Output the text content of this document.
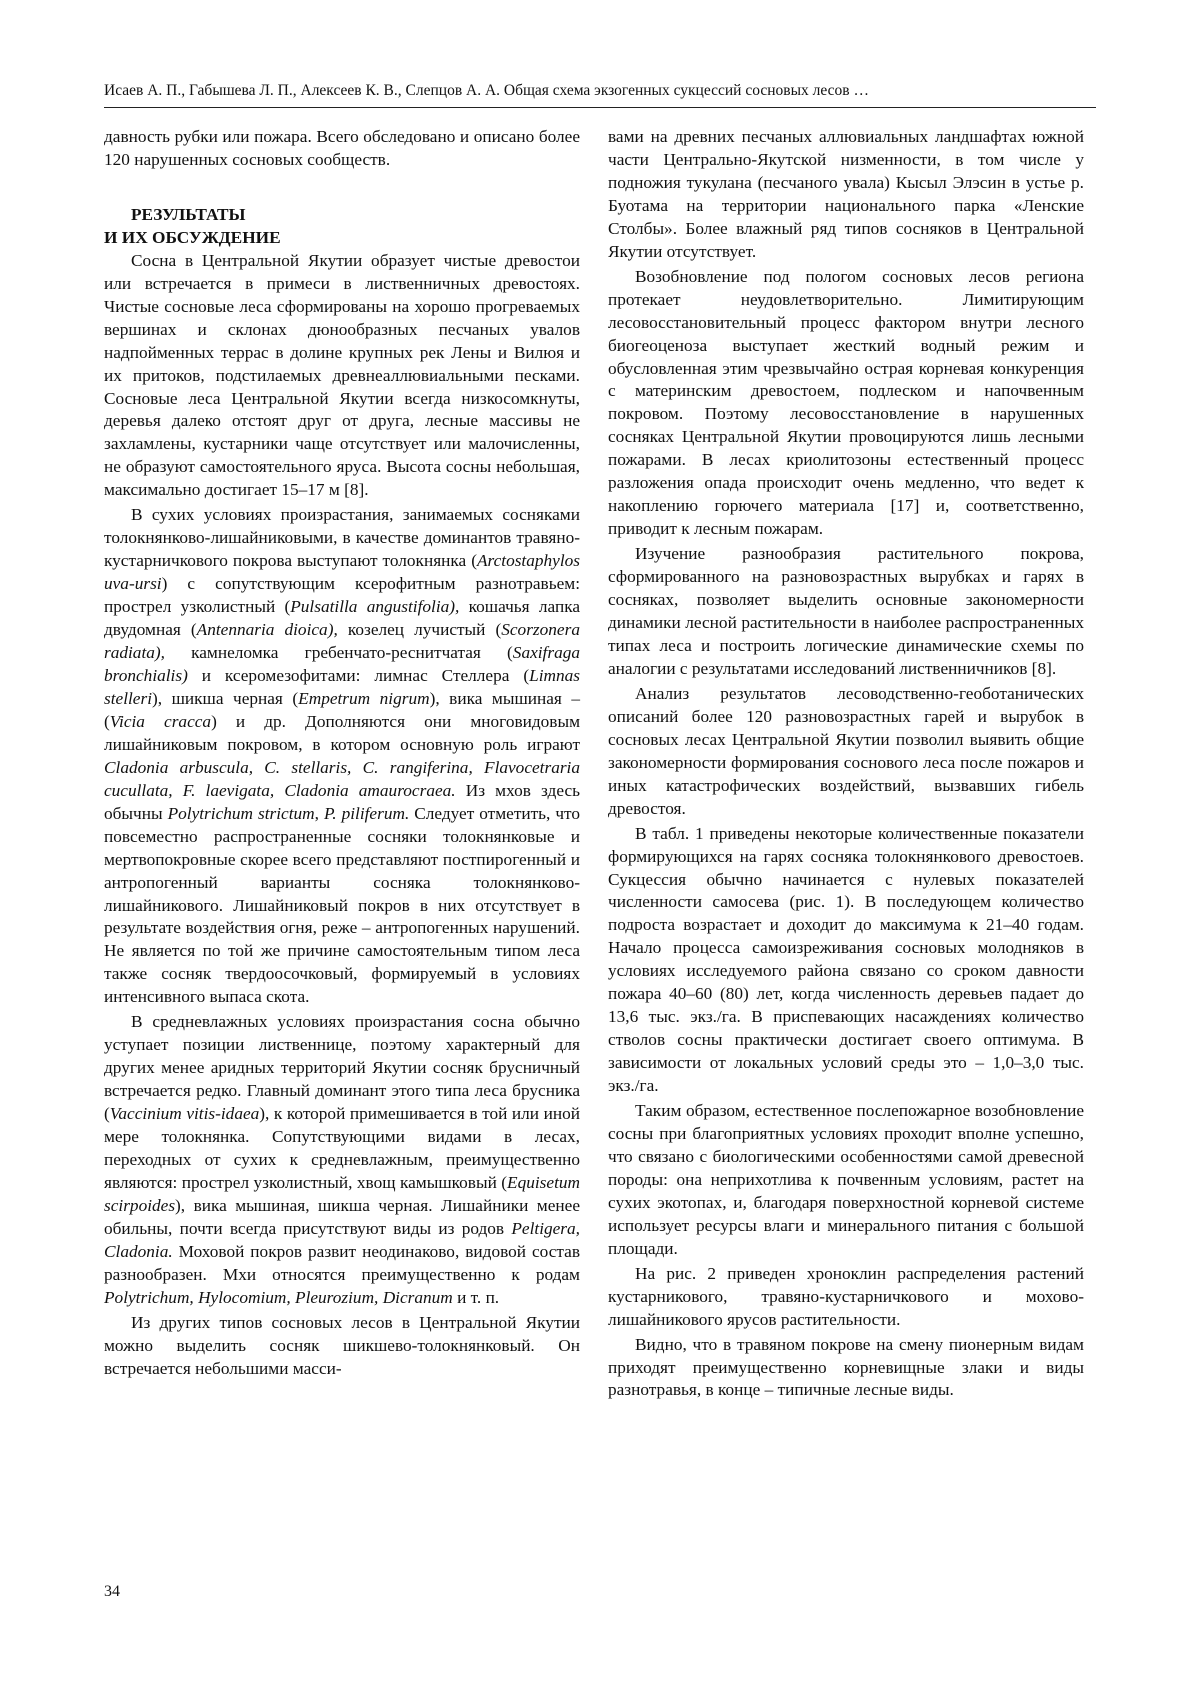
Исаев А. П., Габышева Л. П., Алексеев К. В., Слепцов А. А. Общая схема экзогенных сукцессий сосновых лесов …

давность рубки или пожара. Всего обследовано и описано более 120 нарушенных сосновых сообществ.

РЕЗУЛЬТАТЫ
И ИХ ОБСУЖДЕНИЕ

Сосна в Центральной Якутии образует чистые древостои или встречается в примеси в лиственничных древостоях. Чистые сосновые леса сформированы на хорошо прогреваемых вершинах и склонах дюнообразных песчаных увалов надпойменных террас в долине крупных рек Лены и Вилюя и их притоков, подстилаемых древнеаллювиальными песками. Сосновые леса Центральной Якутии всегда низкосомкнуты, деревья далеко отстоят друг от друга, лесные массивы не захламлены, кустарники чаще отсутствует или малочисленны, не образуют самостоятельного яруса. Высота сосны небольшая, максимально достигает 15–17 м [8].

В сухих условиях произрастания, занимаемых сосняками толокнянково-лишайниковыми, в качестве доминантов травяно-кустарничкового покрова выступают толокнянка (Arctostaphylos uva-ursi) с сопутствующим ксерофитным разнотравьем: прострел узколистный (Pulsatilla angustifolia), кошачья лапка двудомная (Antennaria dioica), козелец лучистый (Scorzonera radiata), камнеломка гребенчато-реснитчатая (Saxifraga bronchialis) и ксеромезофитами: лимнас Стеллера (Limnas stelleri), шикша черная (Empetrum nigrum), вика мышиная – (Vicia cracca) и др. Дополняются они многовидовым лишайниковым покровом, в котором основную роль играют Cladonia arbuscula, C. stellaris, C. rangiferina, Flavocetraria cucullata, F. laevigata, Cladonia amaurocraea. Из мхов здесь обычны Polytrichum strictum, P. piliferum. Следует отметить, что повсеместно распространенные сосняки толокнянковые и мертвопокровные скорее всего представляют постпирогенный и антропогенный варианты сосняка толокнянково-лишайникового. Лишайниковый покров в них отсутствует в результате воздействия огня, реже – антропогенных нарушений. Не является по той же причине самостоятельным типом леса также сосняк твердоосочковый, формируемый в условиях интенсивного выпаса скота.

В средневлажных условиях произрастания сосна обычно уступает позиции лиственнице, поэтому характерный для других менее аридных территорий Якутии сосняк брусничный встречается редко. Главный доминант этого типа леса брусника (Vaccinium vitis-idaea), к которой примешивается в той или иной мере толокнянка. Сопутствующими видами в лесах, переходных от сухих к средневлажным, преимущественно являются: прострел узколистный, хвощ камышковый (Equisetum scirpoides), вика мышиная, шикша черная. Лишайники менее обильны, почти всегда присутствуют виды из родов Peltigera, Cladonia. Моховой покров развит неодинаково, видовой состав разнообразен. Мхи относятся преимущественно к родам Polytrichum, Hylocomium, Pleurozium, Dicranum и т. п.

Из других типов сосновых лесов в Центральной Якутии можно выделить сосняк шикшево-толокнянковый. Он встречается небольшими масси-

вами на древних песчаных аллювиальных ландшафтах южной части Центрально-Якутской низменности, в том числе у подножия тукулана (песчаного увала) Кысыл Элэсин в устье р. Буотама на территории национального парка «Ленские Столбы». Более влажный ряд типов сосняков в Центральной Якутии отсутствует.

Возобновление под пологом сосновых лесов региона протекает неудовлетворительно. Лимитирующим лесовосстановительный процесс фактором внутри лесного биогеоценоза выступает жесткий водный режим и обусловленная этим чрезвычайно острая корневая конкуренция с материнским древостоем, подлеском и напочвенным покровом. Поэтому лесовосстановление в нарушенных сосняках Центральной Якутии провоцируются лишь лесными пожарами. В лесах криолитозоны естественный процесс разложения опада происходит очень медленно, что ведет к накоплению горючего материала [17] и, соответственно, приводит к лесным пожарам.

Изучение разнообразия растительного покрова, сформированного на разновозрастных вырубках и гарях в сосняках, позволяет выделить основные закономерности динамики лесной растительности в наиболее распространенных типах леса и построить логические динамические схемы по аналогии с результатами исследований лиственничников [8].

Анализ результатов лесоводственно-геоботанических описаний более 120 разновозрастных гарей и вырубок в сосновых лесах Центральной Якутии позволил выявить общие закономерности формирования соснового леса после пожаров и иных катастрофических воздействий, вызвавших гибель древостоя.

В табл. 1 приведены некоторые количественные показатели формирующихся на гарях сосняка толокнянкового древостоев. Сукцессия обычно начинается с нулевых показателей численности самосева (рис. 1). В последующем количество подроста возрастает и доходит до максимума к 21–40 годам. Начало процесса самоизреживания сосновых молодняков в условиях исследуемого района связано со сроком давности пожара 40–60 (80) лет, когда численность деревьев падает до 13,6 тыс. экз./га. В приспевающих насаждениях количество стволов сосны практически достигает своего оптимума. В зависимости от локальных условий среды это – 1,0–3,0 тыс. экз./га.

Таким образом, естественное послепожарное возобновление сосны при благоприятных условиях проходит вполне успешно, что связано с биологическими особенностями самой древесной породы: она неприхотлива к почвенным условиям, растет на сухих экотопах, и, благодаря поверхностной корневой системе использует ресурсы влаги и минерального питания с большой площади.

На рис. 2 приведен хроноклин распределения растений кустарникового, травяно-кустарничкового и мохово-лишайникового ярусов растительности.

Видно, что в травяном покрове на смену пионерным видам приходят преимущественно корневищные злаки и виды разнотравья, в конце – типичные лесные виды.

34
